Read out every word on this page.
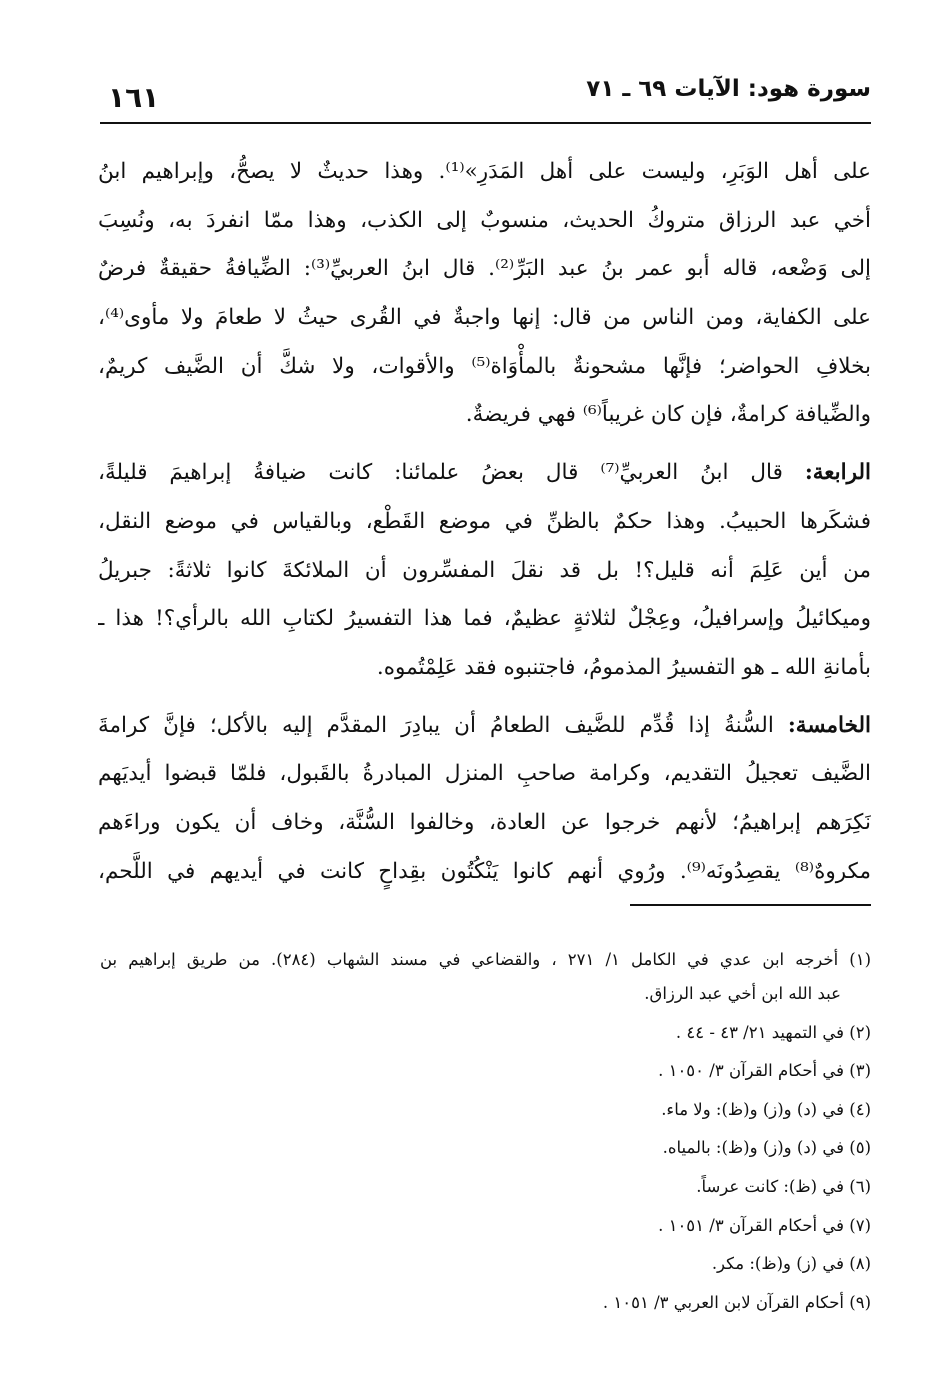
سورة هود: الآيات ٦٩ ـ ٧١
١٦١
على أهل الوَبَرِ، وليست على أهل المَدَرِ»⁽¹⁾. وهذا حديثٌ لا يصحُّ، وإبراهيم ابنُ
أخي عبد الرزاق متروكُ الحديث، منسوبٌ إلى الكذب، وهذا ممّا انفردَ به، ونُسِبَ
إلى وَضْعه، قاله أبو عمر بنُ عبد البَرِّ⁽²⁾. قال ابنُ العربيِّ⁽³⁾: الضِّيافةُ حقيقةٌ فرضٌ
على الكفاية، ومن الناس من قال: إنها واجبةٌ في القُرى حيثُ لا طعامَ ولا مأوى⁽⁴⁾،
بخلافِ الحواضر؛ فإنَّها مشحونةٌ بالمأْوَاة⁽⁵⁾ والأقوات، ولا شكَّ أن الضَّيف كريمٌ،
والضِّيافة كرامةٌ، فإن كان غريباً⁽⁶⁾ فهي فريضةٌ.
الرابعة: قال ابنُ العربيِّ⁽⁷⁾ قال بعضُ علمائنا: كانت ضيافةُ إبراهيمَ قليلةً،
فشكَرها الحبيبُ. وهذا حكمٌ بالظنِّ في موضع القَطْع، وبالقياس في موضع النقل،
من أين عَلِمَ أنه قليل؟! بل قد نقلَ المفسِّرون أن الملائكةَ كانوا ثلاثةً: جبريلُ
وميكائيلُ وإسرافيلُ، وعِجْلٌ لثلاثةٍ عظيمٌ، فما هذا التفسيرُ لكتابِ الله بالرأي؟! هذا ـ
بأمانةِ الله ـ هو التفسيرُ المذمومُ، فاجتنبوه فقد عَلِمْتُموه.
الخامسة: السُّنةُ إذا قُدِّم للضَّيف الطعامُ أن يبادِرَ المقدَّم إليه بالأكل؛ فإنَّ كرامةَ
الضَّيف تعجيلُ التقديم، وكرامة صاحبِ المنزل المبادرةُ بالقَبول، فلمّا قبضوا أيديَهم
نَكِرَهم إبراهيمُ؛ لأنهم خرجوا عن العادة، وخالفوا السُّنَّة، وخاف أن يكون وراءَهم
مكروهٌ⁽⁸⁾ يقصِدُونَه⁽⁹⁾. ورُوي أنهم كانوا يَنْكُتُون بقِداحٍ كانت في أيديهم في اللَّحم،
(١) أخرجه ابن عدي في الكامل ١/ ٢٧١ ، والقضاعي في مسند الشهاب (٢٨٤). من طريق إبراهيم بن
عبد الله ابن أخي عبد الرزاق.
(٢) في التمهيد ٢١/ ٤٣ - ٤٤ .
(٣) في أحكام القرآن ٣/ ١٠٥٠ .
(٤) في (د) و(ز) و(ظ): ولا ماء.
(٥) في (د) و(ز) و(ظ): بالمياه.
(٦) في (ظ): كانت عرساً.
(٧) في أحكام القرآن ٣/ ١٠٥١ .
(٨) في (ز) و(ظ): مكر.
(٩) أحكام القرآن لابن العربي ٣/ ١٠٥١ .
